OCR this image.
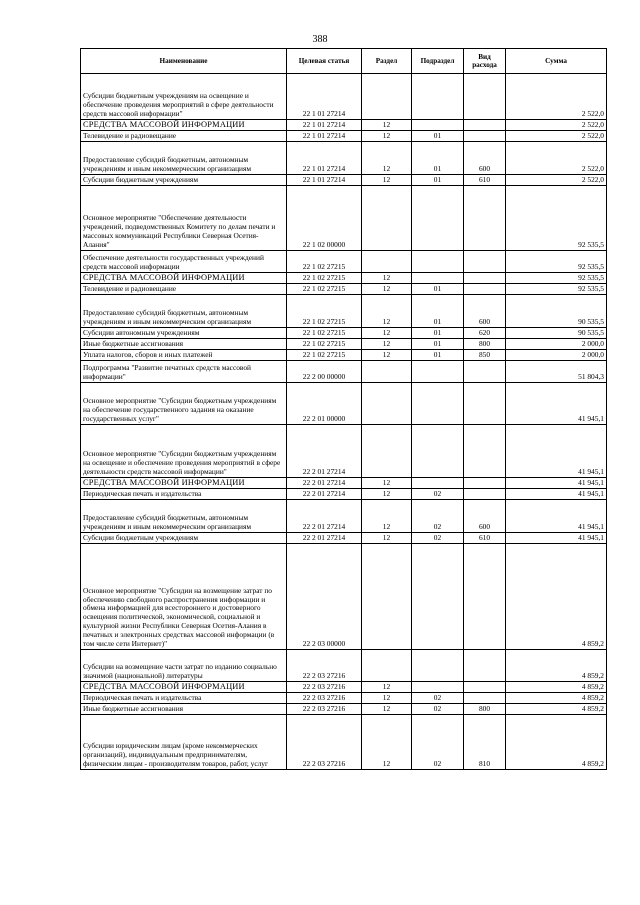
388
Наименование	Целевая статья	Раздел	Подраздел	Вид расхода	Сумма
Субсидии бюджетным учреждениям на освещение и обеспечение проведения мероприятий в сфере деятельности средств массовой информации"	22 1 01 27214				2 522,0
СРЕДСТВА МАССОВОЙ ИНФОРМАЦИИ	22 1 01 27214	12			2 522,0
Телевидение и радиовещание	22 1 01 27214	12	01		2 522,0
Предоставление субсидий бюджетным, автономным учреждениям и иным некоммерческим организациям	22 1 01 27214	12	01	600	2 522,0
Субсидии бюджетным учреждениям	22 1 01 27214	12	01	610	2 522,0
Основное мероприятие "Обеспечение деятельности учреждений, подведомственных Комитету по делам печати и массовых коммуникаций Республики Северная Осетия-Алания"	22 1 02 00000				92 535,5
Обеспечение деятельности государственных учреждений средств массовой информации	22 1 02 27215				92 535,5
СРЕДСТВА МАССОВОЙ ИНФОРМАЦИИ	22 1 02 27215	12			92 535,5
Телевидение и радиовещание	22 1 02 27215	12	01		92 535,5
Предоставление субсидий бюджетным, автономным учреждениям и иным некоммерческим организациям	22 1 02 27215	12	01	600	90 535,5
Субсидии автономным учреждениям	22 1 02 27215	12	01	620	90 535,5
Иные бюджетные ассигнования	22 1 02 27215	12	01	800	2 000,0
Уплата налогов, сборов и иных платежей	22 1 02 27215	12	01	850	2 000,0
Подпрограмма "Развитие печатных средств массовой информации"	22 2 00 00000				51 804,3
Основное мероприятие "Субсидии бюджетным учреждениям на обеспечение государственного задания на оказание государственных услуг"	22 2 01 00000				41 945,1
Основное мероприятие "Субсидии бюджетным учреждениям на освещение и обеспечение проведения мероприятий в сфере деятельности средств массовой информации"	22 2 01 27214				41 945,1
СРЕДСТВА МАССОВОЙ ИНФОРМАЦИИ	22 2 01 27214	12			41 945,1
Периодическая печать и издательства	22 2 01 27214	12	02		41 945,1
Предоставление субсидий бюджетным, автономным учреждениям и иным некоммерческим организациям	22 2 01 27214	12	02	600	41 945,1
Субсидии бюджетным учреждениям	22 2 01 27214	12	02	610	41 945,1
Основное мероприятие "Субсидии на возмещение затрат по обеспечению свободного распространения информации и обмена информацией для всестороннего и достоверного освещения политической, экономической, социальной и культурной жизни Республики Северная Осетия-Алания в печатных и электронных средствах массовой информации (в том числе сети Интернет)"	22 2 03 00000				4 859,2
Субсидии на возмещение части затрат по изданию социально значимой (национальной) литературы	22 2 03 27216				4 859,2
СРЕДСТВА МАССОВОЙ ИНФОРМАЦИИ	22 2 03 27216	12			4 859,2
Периодическая печать и издательства	22 2 03 27216	12	02		4 859,2
Иные бюджетные ассигнования	22 2 03 27216	12	02	800	4 859,2
Субсидии юридическим лицам (кроме некоммерческих организаций), индивидуальным предпринимателям, физическим лицам - производителям товаров, работ, услуг	22 2 03 27216	12	02	810	4 859,2
